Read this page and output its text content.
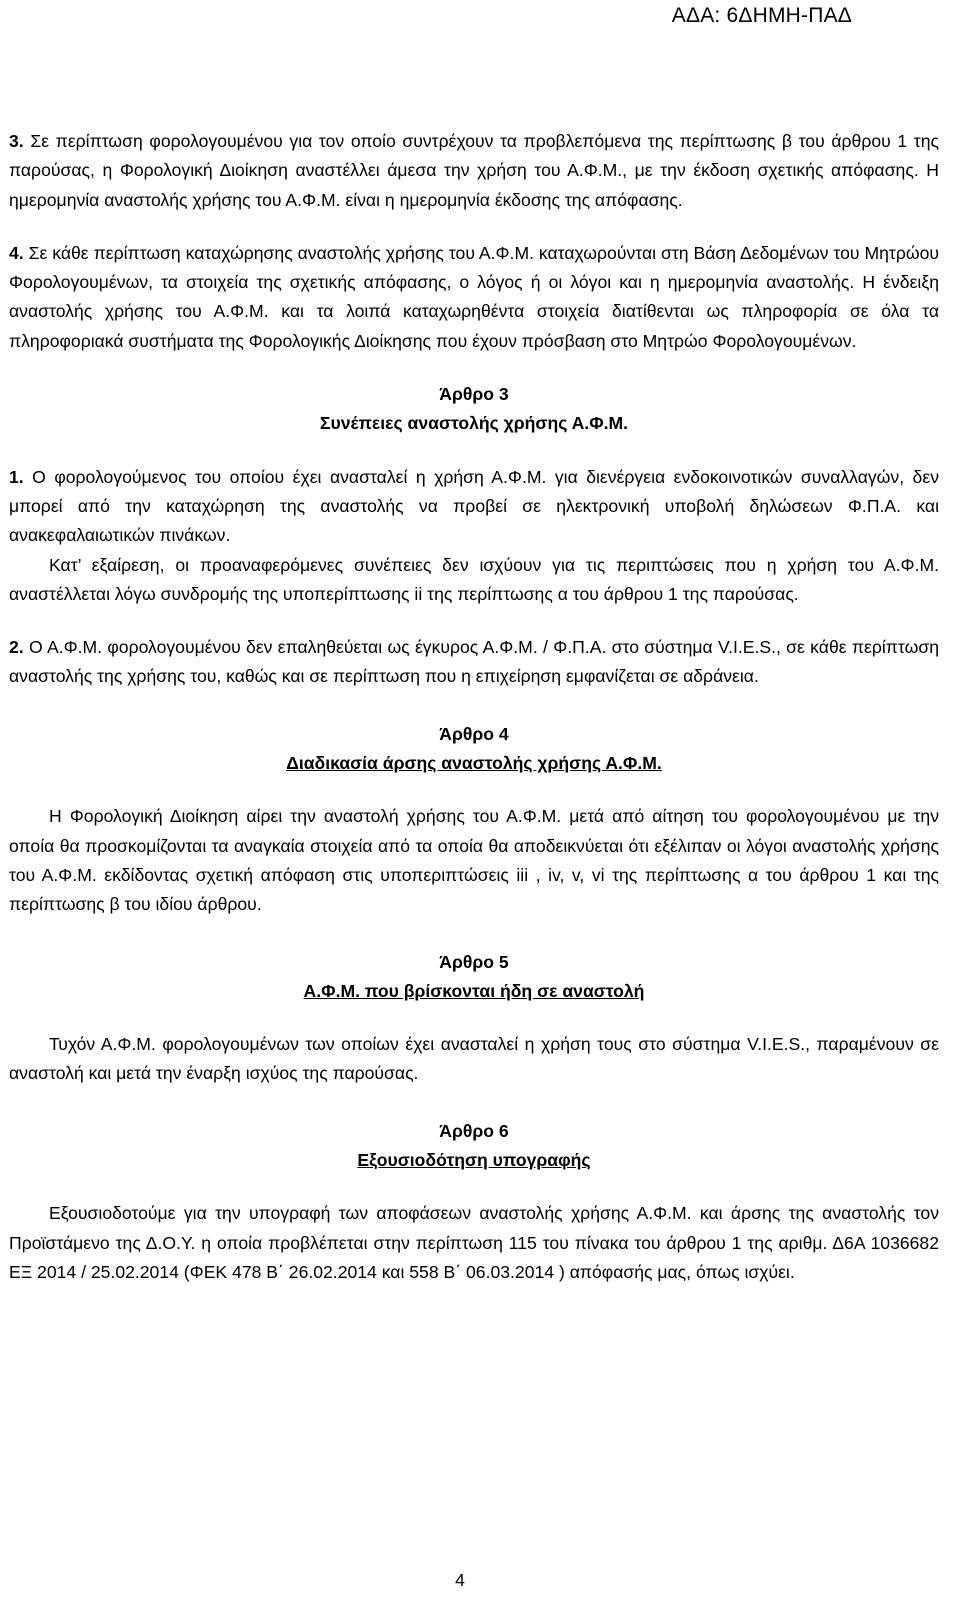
ΑΔΑ: 6ΔΗΜΗ-ΠΑΔ

3. Σε περίπτωση φορολογουμένου για τον οποίο συντρέχουν τα προβλεπόμενα της περίπτωσης β του άρθρου 1 της παρούσας, η Φορολογική Διοίκηση αναστέλλει άμεσα την χρήση του Α.Φ.Μ., με την έκδοση σχετικής απόφασης. Η ημερομηνία αναστολής χρήσης του Α.Φ.Μ. είναι η ημερομηνία έκδοσης της απόφασης.

4. Σε κάθε περίπτωση καταχώρησης αναστολής χρήσης του Α.Φ.Μ. καταχωρούνται στη Βάση Δεδομένων του Μητρώου Φορολογουμένων, τα στοιχεία της σχετικής απόφασης, ο λόγος ή οι λόγοι και η ημερομηνία αναστολής. Η ένδειξη αναστολής χρήσης του Α.Φ.Μ. και τα λοιπά καταχωρηθέντα στοιχεία διατίθενται ως πληροφορία σε όλα τα πληροφοριακά συστήματα της Φορολογικής Διοίκησης που έχουν πρόσβαση στο Μητρώο Φορολογουμένων.

Άρθρο 3

Συνέπειες αναστολής χρήσης Α.Φ.Μ.

1. Ο φορολογούμενος του οποίου έχει ανασταλεί η χρήση Α.Φ.Μ. για διενέργεια ενδοκοινοτικών συναλλαγών, δεν μπορεί από την καταχώρηση της αναστολής να προβεί σε ηλεκτρονική υποβολή δηλώσεων Φ.Π.Α. και ανακεφαλαιωτικών πινάκων.

Κατ’ εξαίρεση, οι προαναφερόμενες συνέπειες δεν ισχύουν για τις περιπτώσεις που η χρήση του Α.Φ.Μ. αναστέλλεται λόγω συνδρομής της υποπερίπτωσης ii της περίπτωσης α του άρθρου 1 της παρούσας.

2. Ο Α.Φ.Μ. φορολογουμένου δεν επαληθεύεται ως έγκυρος Α.Φ.Μ. / Φ.Π.Α. στο σύστημα V.I.E.S., σε κάθε περίπτωση αναστολής της χρήσης του, καθώς και σε περίπτωση που η επιχείρηση εμφανίζεται σε αδράνεια.

Άρθρο 4

Διαδικασία άρσης αναστολής χρήσης Α.Φ.Μ.

Η Φορολογική Διοίκηση αίρει την αναστολή χρήσης του Α.Φ.Μ. μετά από αίτηση του φορολογουμένου με την οποία θα προσκομίζονται τα αναγκαία στοιχεία από τα οποία θα αποδεικνύεται ότι εξέλιπαν οι λόγοι αναστολής χρήσης του Α.Φ.Μ. εκδίδοντας σχετική απόφαση στις υποπεριπτώσεις iii , iv, v, vi της περίπτωσης α του άρθρου 1 και της περίπτωσης β του ιδίου άρθρου.

Άρθρο 5

Α.Φ.Μ. που βρίσκονται ήδη σε αναστολή

Τυχόν Α.Φ.Μ. φορολογουμένων των οποίων έχει ανασταλεί η χρήση τους στο σύστημα V.I.E.S., παραμένουν σε αναστολή και μετά την έναρξη ισχύος της παρούσας.

Άρθρο 6

Εξουσιοδότηση υπογραφής

Εξουσιοδοτούμε για την υπογραφή των αποφάσεων αναστολής χρήσης Α.Φ.Μ. και άρσης της αναστολής τον Προϊστάμενο της Δ.Ο.Υ. η οποία προβλέπεται στην περίπτωση 115 του πίνακα του άρθρου 1 της αριθμ. Δ6Α 1036682 ΕΞ 2014 / 25.02.2014 (ΦΕΚ 478 Β΄ 26.02.2014 και 558 Β΄ 06.03.2014 ) απόφασής μας, όπως ισχύει.

4
